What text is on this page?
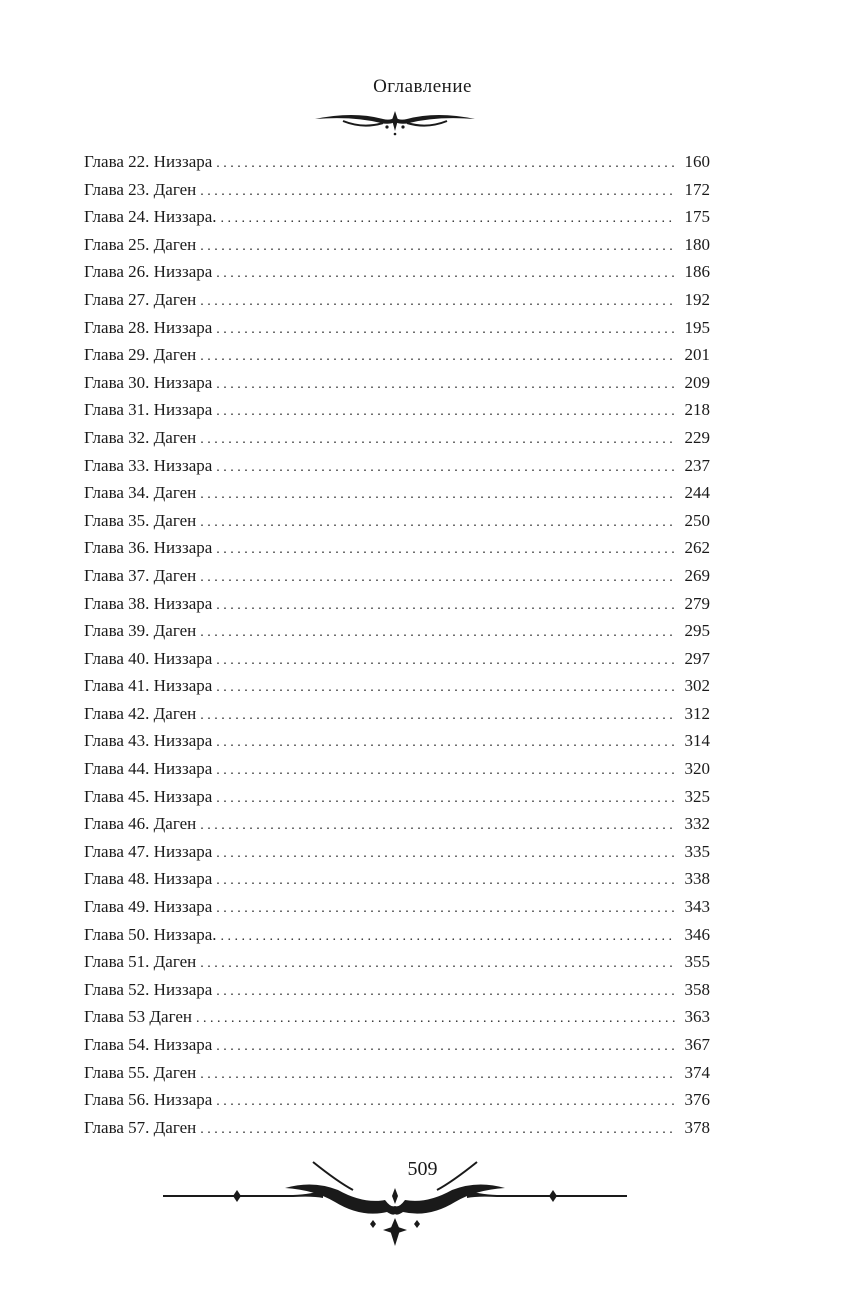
Оглавление
Глава 22. Низзара . . .	160
Глава 23. Даген . . .	172
Глава 24. Низзара. . . .	175
Глава 25. Даген . . .	180
Глава 26. Низзара . . .	186
Глава 27. Даген . . .	192
Глава 28. Низзара . . .	195
Глава 29. Даген . . .	201
Глава 30. Низзара . . .	209
Глава 31. Низзара . . .	218
Глава 32. Даген . . .	229
Глава 33. Низзара . . .	237
Глава 34. Даген . . .	244
Глава 35. Даген . . .	250
Глава 36. Низзара . . .	262
Глава 37. Даген . . .	269
Глава 38. Низзара . . .	279
Глава 39. Даген . . .	295
Глава 40. Низзара . . .	297
Глава 41. Низзара . . .	302
Глава 42. Даген . . .	312
Глава 43. Низзара . . .	314
Глава 44. Низзара . . .	320
Глава 45. Низзара . . .	325
Глава 46. Даген . . .	332
Глава 47. Низзара . . .	335
Глава 48. Низзара . . .	338
Глава 49. Низзара . . .	343
Глава 50. Низзара. . . .	346
Глава 51. Даген . . .	355
Глава 52. Низзара . . .	358
Глава 53 Даген . . .	363
Глава 54. Низзара . . .	367
Глава 55. Даген . . .	374
Глава 56. Низзара . . .	376
Глава 57. Даген . . .	378
509
